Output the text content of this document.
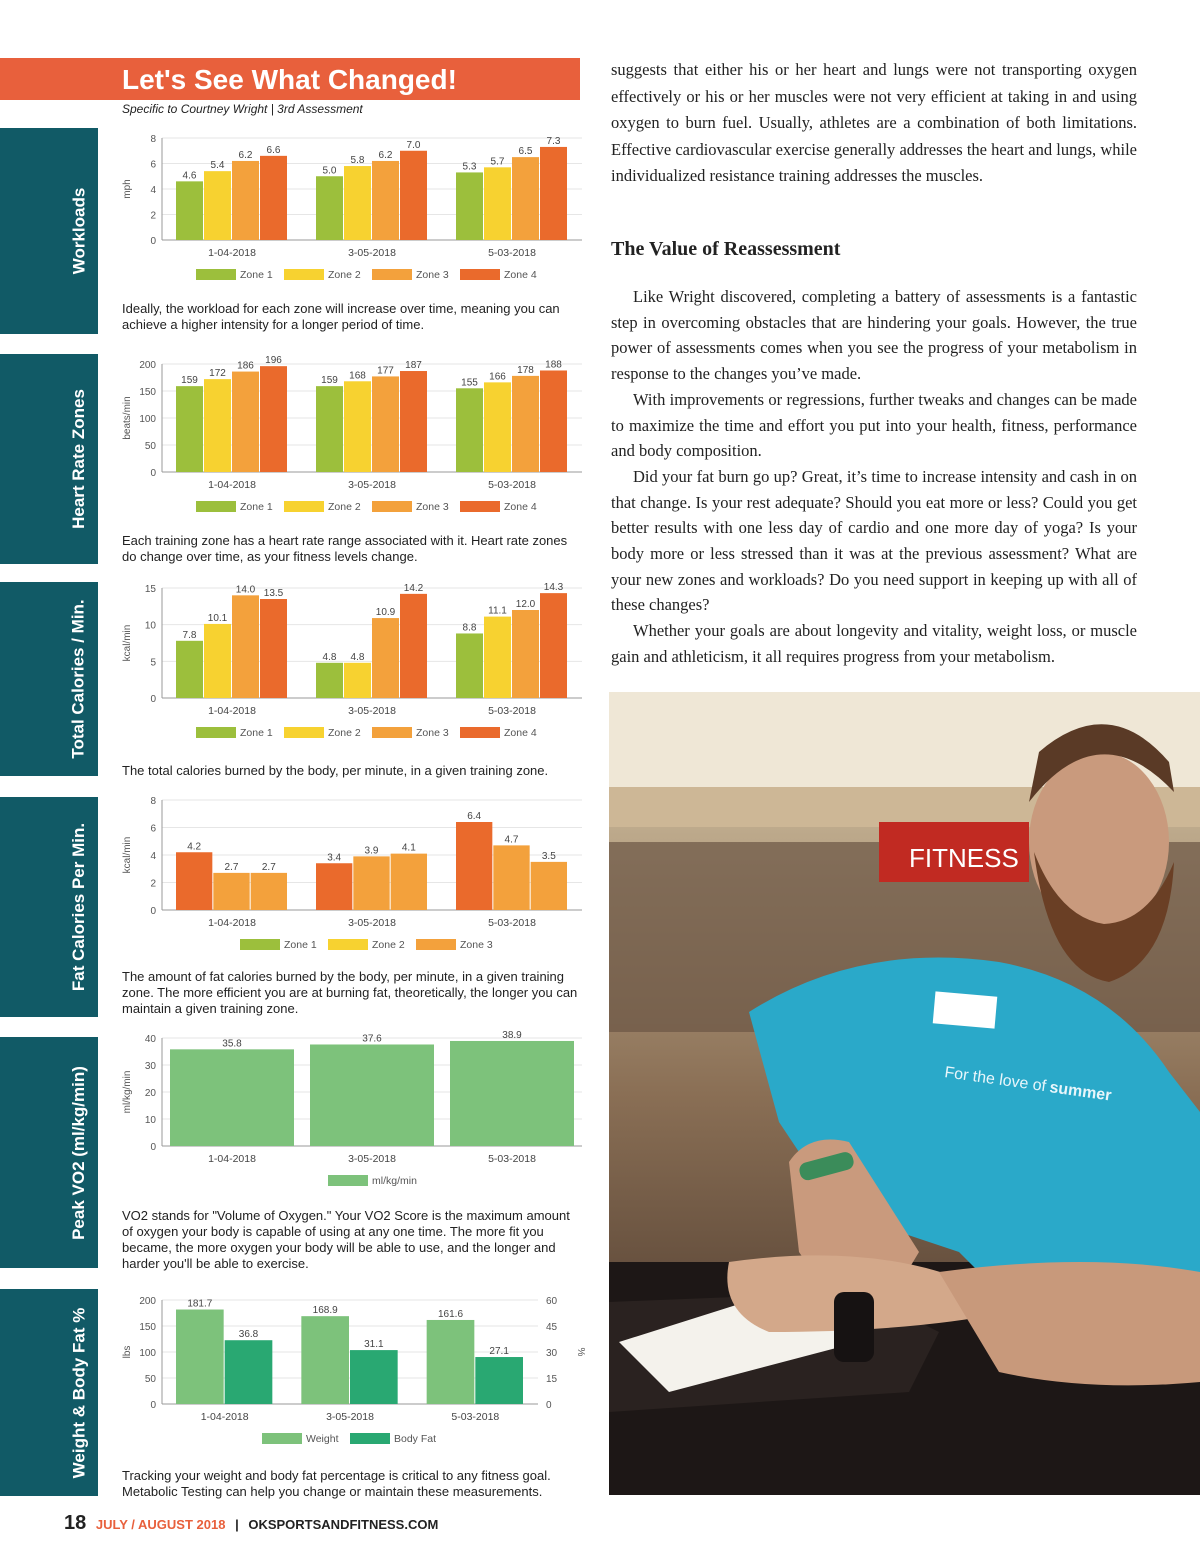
Let's See What Changed!
Specific to Courtney Wright | 3rd Assessment
Workloads
Heart Rate Zones
Total Calories / Min.
Fat Calories Per Min.
Peak VO2 (ml/kg/min)
Weight & Body Fat %
0
2
4
6
8
mph
4.6
5.4
6.2 6.6
1-04-2018
5.0
5.8 6.2
7.0
3-05-2018
5.3 5.7
6.5
7.3
5-03-2018
Zone 1	Zone 2	Zone 3	Zone 4
Ideally, the workload for each zone will increase over time, meaning you can achieve a higher intensity for a longer period of time.
0
50
100
150
200
beats/min
159
172
186 196
1-04-2018
159 168 177 187
3-05-2018
155
166
178 188
5-03-2018
Zone 1	Zone 2	Zone 3	Zone 4
Each training zone has a heart rate range associated with it. Heart rate zones do change over time, as your fitness levels change.
0
5
10
15
kcal/min	7.8
10.1
14.0 13.5
1-04-2018
4.8 4.8
10.9
14.2
3-05-2018
8.8
11.1
12.0
14.3
5-03-2018
Zone 1	Zone 2	Zone 3	Zone 4
The total calories burned by the body, per minute, in a given training zone.
0
2
4
6
8
kcal/min	4.2
2.7 2.7
1-04-2018
3.4
3.9 4.1
3-05-2018
6.4
4.7
3.5
5-03-2018
Zone 1	Zone 2	Zone 3
The amount of fat calories burned by the body, per minute, in a given training zone. The more efficient you are at burning fat, theoretically, the longer you can maintain a given training zone.
0
10
20
30
40
ml/kg/min
35.8
1-04-2018
37.6
3-05-2018
38.9
5-03-2018
ml/kg/min
VO2 stands for "Volume of Oxygen." Your VO2 Score is the maximum amount of oxygen your body is capable of using at any one time. The more fit you became, the more oxygen your body will be able to use, and the longer and harder you'll be able to exercise.
0
50
100
150
200
0
15
30
45
60
%
lbs
181.7
36.8
1-04-2018
168.9
31.1
3-05-2018
161.6
27.1
5-03-2018
Weight	Body Fat
Tracking your weight and body fat percentage is critical to any fitness goal. Metabolic Testing can help you change or maintain these measurements.

suggests that either his or her heart and lungs were not transporting oxygen effectively or his or her muscles were not very efficient at taking in and using oxygen to burn fuel. Usually, athletes are a combination of both limitations. Effective cardiovascular exercise generally addresses the heart and lungs, while individualized resistance training addresses the muscles.

The Value of Reassessment

Like Wright discovered, completing a battery of assessments is a fantastic step in overcoming obstacles that are hindering your goals. However, the true power of assessments comes when you see the progress of your metabolism in response to the changes you’ve made.

With improvements or regressions, further tweaks and changes can be made to maximize the time and effort you put into your health, fitness, performance and body composition.

Did your fat burn go up? Great, it’s time to increase intensity and cash in on that change. Is your rest adequate? Should you eat more or less? Could you get better results with one less day of cardio and one more day of yoga? Is your body more or less stressed than it was at the previous assessment? What are your new zones and workloads? Do you need support in keeping up with all of these changes?

Whether your goals are about longevity and vitality, weight loss, or muscle gain and athleticism, it all requires progress from your metabolism.

FITNESS
For the love of summer
18 JULY / AUGUST 2018 | OKSPORTSANDFITNESS.COM
